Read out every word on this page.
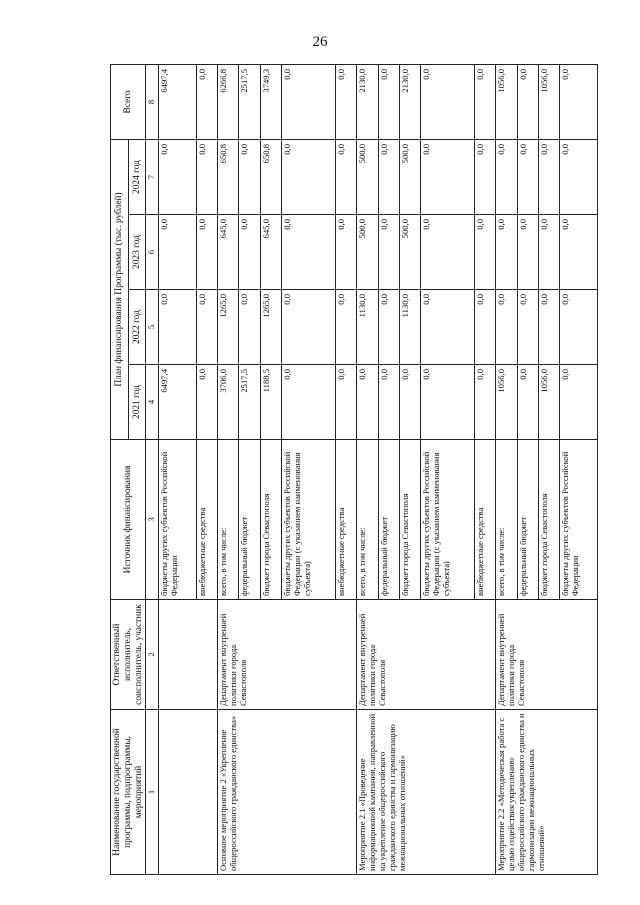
26
Наименование государственной программы, подпрограммы, мероприятий	Ответственный исполнитель, соисполнитель, участник	Источник финансирования	План финансирования Программы (тыс. рублей)				Всего
			2021 год	2022 год	2023 год	2024 год	
1	2	3	4	5	6	7	8
		бюджеты других субъектов Российской Федерации	6497,4	0,0	0,0	0,0	6497,4
		внебюджетные средства	0,0	0,0	0,0	0,0	0,0
Основное мероприятие 2 «Укрепление общероссийского гражданского единства»	Департамент внутренней политики города Севастополя	всего, в том числе:	3706,0	1265,0	645,0	650,8	6266,8
		федеральный бюджет	2517,5	0,0	0,0	0,0	2517,5
		бюджет города Севастополя	1188,5	1265,0	645,0	650,8	3749,3
		бюджеты других субъектов Российской Федерации (с указанием наименования субъекта)	0,0	0,0	0,0	0,0	0,0
		внебюджетные средства	0,0	0,0	0,0	0,0	0,0
Мероприятие 2.1 «Проведение информационной кампании, направленной на укрепление общероссийского гражданского единства и гармонизацию межнациональных отношений»	Департамент внутренней политики города Севастополя	всего, в том числе:	0,0	1130,0	500,0	500,0	2130,0
		федеральный бюджет	0,0	0,0	0,0	0,0	0,0
		бюджет города Севастополя	0,0	1130,0	500,0	500,0	2130,0
		бюджеты других субъектов Российской Федерации (с указанием наименования субъекта)	0,0	0,0	0,0	0,0	0,0
		внебюджетные средства	0,0	0,0	0,0	0,0	0,0
Мероприятие 2.2 «Методическая работа с целью содействия укреплению общероссийского гражданского единства и гармонизации межнациональных отношений»	Департамент внутренней политики города Севастополя	всего, в том числе:	1056,0	0,0	0,0	0,0	1056,0
		федеральный бюджет	0,0	0,0	0,0	0,0	0,0
		бюджет города Севастополя	1056,0	0,0	0,0	0,0	1056,0
		бюджеты других субъектов Российской Федерации	0,0	0,0	0,0	0,0	0,0
